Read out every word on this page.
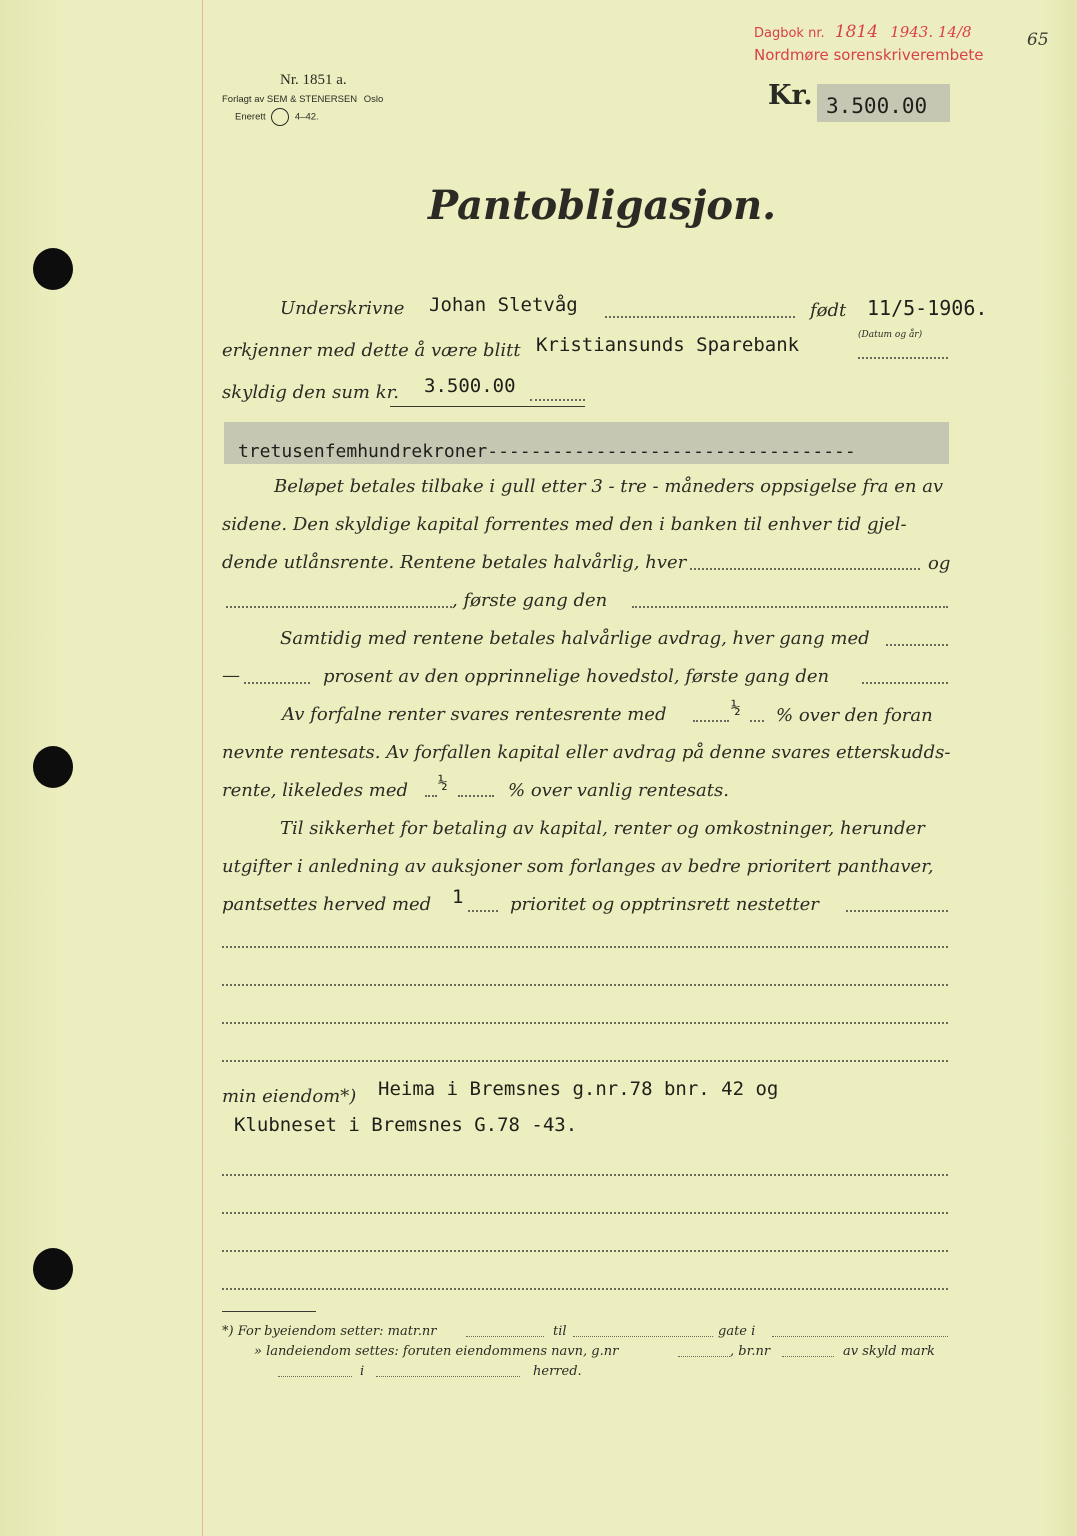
Dagbok nr. 1814 1943. 14/8
Nordmøre sorenskriverembete
65
Nr. 1851 a.
Forlagt av SEM & STENERSEN Oslo
Enerett	4–42.
Kr. 3.500.00
Pantobligasjon.
Underskrivne Johan Sletvåg	født 11/5-1906.
(Datum og år)
erkjenner med dette å være blitt Kristiansunds Sparebank
skyldig den sum kr. 3.500.00
tretusenfemhundrekroner----------------------------------
Beløpet betales tilbake i gull etter 3 - tre - måneders oppsigelse fra en av
sidene. Den skyldige kapital forrentes med den i banken til enhver tid gjel-
dende utlånsrente. Rentene betales halvårlig, hver	og
, første gang den
Samtidig med rentene betales halvårlige avdrag, hver gang med
—	prosent av den opprinnelige hovedstol, første gang den
Av forfalne renter svares rentesrente med	½ % over den foran
nevnte rentesats. Av forfallen kapital eller avdrag på denne svares etterskudds-
rente, likeledes med ½	% over vanlig rentesats.
Til sikkerhet for betaling av kapital, renter og omkostninger, herunder
utgifter i anledning av auksjoner som forlanges av bedre prioritert panthaver,
pantsettes herved med 1	prioritet og opptrinsrett nestetter
min eiendom*) Heima i Bremsnes g.nr.78 bnr. 42 og
Klubneset i Bremsnes G.78 -43.
*) For byeiendom setter: matr.nr	til	gate i
» landeiendom settes: foruten eiendommens navn, g.nr	, br.nr	av skyld mark
i	herred.
